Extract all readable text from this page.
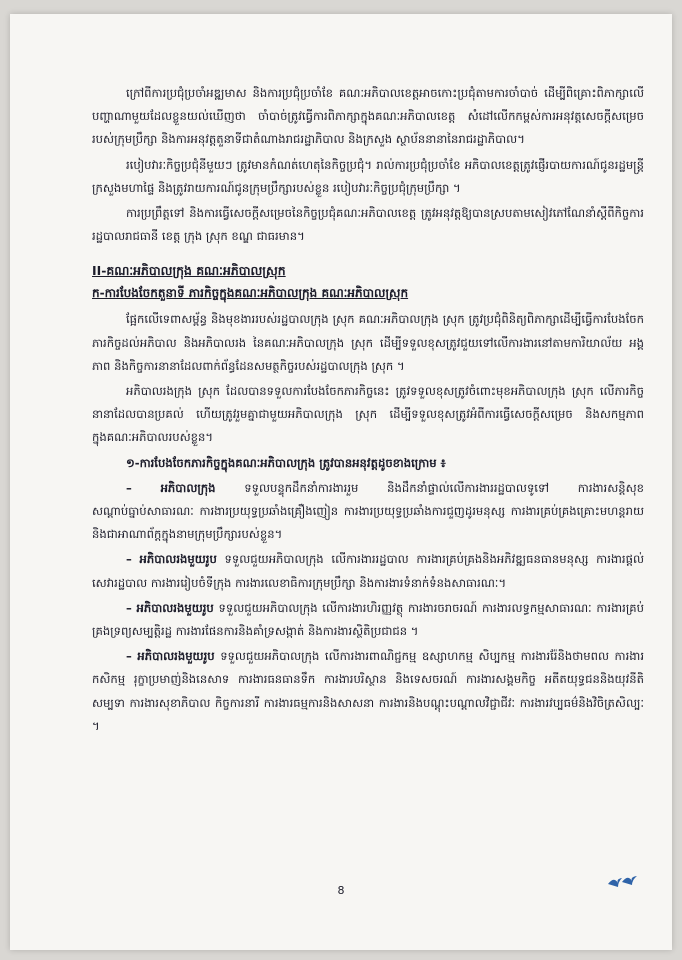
ក្រៅពីការប្រជុំប្រចាំអឌ្ឍមាស និងការប្រជុំប្រចាំខែ គណៈអភិបាលខេត្តអាចកោះប្រជុំតាមការចាំបាច់ ដើម្បីពិគ្រោះពិភាក្សាលើបញ្ហាណាមួយដែលខ្លួនយល់ឃើញថា ចាំបាច់ត្រូវធ្វើការពិភាក្សាក្នុងគណៈអភិបាលខេត្ត សំដៅលើកកម្ពស់ការអនុវត្តសេចក្តីសម្រេចរបស់ក្រុមប្រឹក្សា និងការអនុវត្តតួនាទីជាតំណាងរាជរដ្ឋាភិបាល និងក្រសួង ស្ថាប័ននានានៃរាជរដ្ឋាភិបាល។

របៀបវារៈកិច្ចប្រជុំនីមួយៗ ត្រូវមានកំណត់ហេតុនៃកិច្ចប្រជុំ។ រាល់ការប្រជុំប្រចាំខែ អភិបាលខេត្តត្រូវផ្ញើរបាយការណ៍ជូនរដ្ឋមន្ត្រីក្រសួងមហាផ្ទៃ និងត្រូវរាយការណ៍ជូនក្រុមប្រឹក្សារបស់ខ្លួន របៀបវារៈកិច្ចប្រជុំក្រុមប្រឹក្សា ។

ការប្រព្រឹត្តទៅ និងការធ្វើសេចក្តីសម្រេចនៃកិច្ចប្រជុំគណៈអភិបាលខេត្ត ត្រូវអនុវត្តឱ្យបានស្របតាមសៀវភៅណែនាំស្តីពីកិច្ចការរដ្ឋបាលរាជធានី ខេត្ត ក្រុង ស្រុក ខណ្ឌ ជាធរមាន។

II-គណៈអភិបាលក្រុង គណៈអភិបាលស្រុក
ក-ការបែងចែកតួនាទី ភារកិច្ចក្នុងគណៈអភិបាលក្រុង គណៈអភិបាលស្រុក

ផ្អែកលើទេពាសម្ព័ន្ធ និងមុខងាររបស់រដ្ឋបាលក្រុង ស្រុក គណៈអភិបាលក្រុង ស្រុក ត្រូវប្រជុំពិនិត្យពិភាក្សាដើម្បីធ្វើការបែងចែកភារកិច្ចដល់អភិបាល និងអភិបាលរង នៃគណៈអភិបាលក្រុង ស្រុក ដើម្បីទទួលខុសត្រូវជួយទៅលើការងារនៅតាមការិយាល័យ អង្គភាព និងកិច្ចការនានាដែលពាក់ព័ន្ធដែនសមត្ថកិច្ចរបស់រដ្ឋបាលក្រុង ស្រុក ។

អភិបាលរងក្រុង ស្រុក ដែលបានទទួលការបែងចែកភារកិច្ចនេះ ត្រូវទទួលខុសត្រូវចំពោះមុខអភិបាលក្រុង ស្រុក លើភារកិច្ចនានាដែលបានប្រគល់ ហើយត្រូវរួមគ្នាជាមួយអភិបាលក្រុង ស្រុក ដើម្បីទទួលខុសត្រូវអំពីការធ្វើសេចក្តីសម្រេច និងសកម្មភាពក្នុងគណៈអភិបាលរបស់ខ្លួន។

១-ការបែងចែកភារកិច្ចក្នុងគណៈអភិបាលក្រុង ត្រូវបានអនុវត្តដូចខាងក្រោម ៖

– អភិបាលក្រុង ទទួលបន្ទុកដឹកនាំការងាររួម និងដឹកនាំផ្ទាល់លើការងាររដ្ឋបាលទូទៅ ការងារសន្តិសុខ សណ្តាប់ធ្នាប់សាធារណៈ ការងារប្រយុទ្ធប្រឆាំងគ្រឿងញៀន ការងារប្រយុទ្ធប្រឆាំងការជួញដូរមនុស្ស ការងារគ្រប់គ្រងគ្រោះមហន្តរាយ និងជាអាណាព័ក្តក្នុងនាមក្រុមប្រឹក្សារបស់ខ្លួន។

– អភិបាលរងមួយរូប ទទួលជួយអភិបាលក្រុង លើការងាររដ្ឋបាល ការងារគ្រប់គ្រងនិងអភិវឌ្ឍធនធានមនុស្ស ការងារផ្តល់សេវារដ្ឋបាល ការងាររៀបចំទីក្រុង ការងារលេខាធិការក្រុមប្រឹក្សា និងការងារទំនាក់ទំនងសាធារណៈ។

– អភិបាលរងមួយរូប ទទួលជួយអភិបាលក្រុង លើការងារហិរញ្ញវត្ថុ ការងារចរាចរណ៍ ការងារលទ្ធកម្មសាធារណៈ ការងារគ្រប់គ្រងទ្រព្យសម្បត្តិរដ្ឋ ការងារផែនការនិងគាំទ្រសង្កាត់ និងការងារស្ថិតិប្រជាជន ។

– អភិបាលរងមួយរូប ទទួលជួយអភិបាលក្រុង លើការងារពាណិជ្ជកម្ម ឧស្សាហកម្ម សិប្បកម្ម ការងាររ៉ែនិងថាមពល ការងារកសិកម្ម រុក្ខាប្រមាញ់និងនេសាទ ការងារធនធានទឹក ការងារបរិស្ថាន និងទេសចរណ៍ ការងារសង្គមកិច្ច អតីតយុទ្ធជននិងយុវនីតិសម្បទា ការងារសុខាភិបាល កិច្ចការនារី ការងារធម្មការនិងសាសនា ការងារនិងបណ្តុះបណ្តាលវិជ្ជាជីវៈ ការងារវប្បធម៌និងវិចិត្រសិល្បៈ ។

8
